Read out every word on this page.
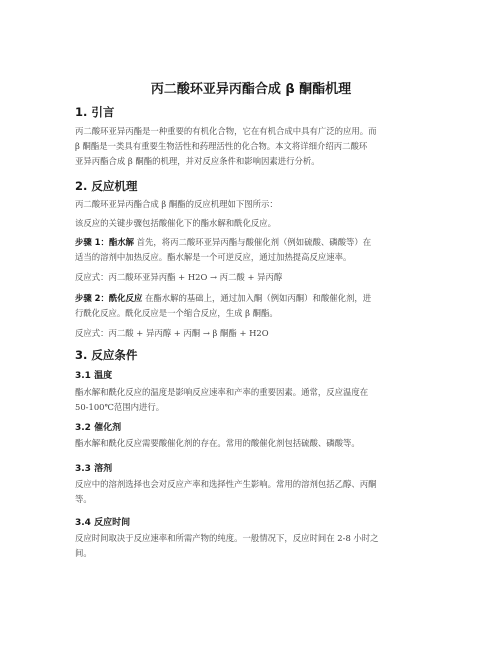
丙二酸环亚异丙酯合成 β 酮酯机理
1. 引言

丙二酸环亚异丙酯是一种重要的有机化合物，它在有机合成中具有广泛的应用。而
β 酮酯是一类具有重要生物活性和药理活性的化合物。本文将详细介绍丙二酸环
亚异丙酯合成 β 酮酯的机理，并对反应条件和影响因素进行分析。

2. 反应机理

丙二酸环亚异丙酯合成 β 酮酯的反应机理如下图所示：

该反应的关键步骤包括酸催化下的酯水解和酰化反应。

步骤 1：酯水解 首先，将丙二酸环亚异丙酯与酸催化剂（例如硫酸、磷酸等）在
适当的溶剂中加热反应。酯水解是一个可逆反应，通过加热提高反应速率。

反应式：丙二酸环亚异丙酯 + H2O → 丙二酸 + 异丙醇

步骤 2：酰化反应 在酯水解的基础上，通过加入酮（例如丙酮）和酸催化剂，进
行酰化反应。酰化反应是一个缩合反应，生成 β 酮酯。

反应式：丙二酸 + 异丙醇 + 丙酮 → β 酮酯 + H2O

3. 反应条件
3.1 温度

酯水解和酰化反应的温度是影响反应速率和产率的重要因素。通常，反应温度在
50-100℃范围内进行。

3.2 催化剂

酯水解和酰化反应需要酸催化剂的存在。常用的酸催化剂包括硫酸、磷酸等。

3.3 溶剂

反应中的溶剂选择也会对反应产率和选择性产生影响。常用的溶剂包括乙醇、丙酮
等。

3.4 反应时间

反应时间取决于反应速率和所需产物的纯度。一般情况下，反应时间在 2-8 小时之
间。
